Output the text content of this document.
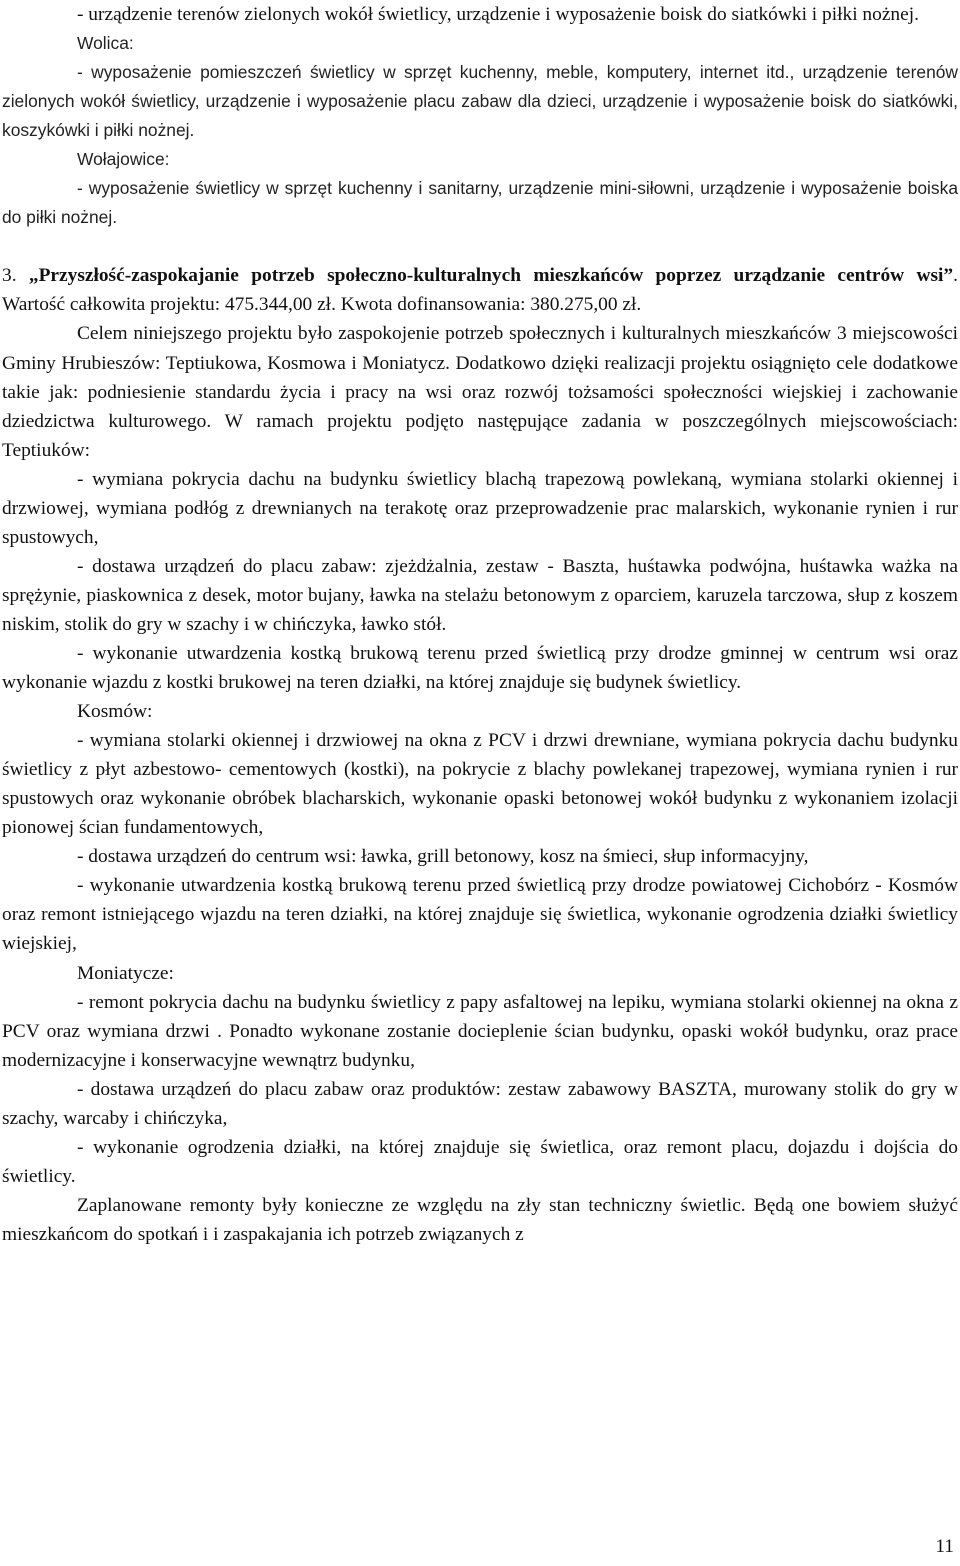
- urządzenie terenów zielonych wokół świetlicy, urządzenie i wyposażenie boisk do siatkówki i piłki nożnej.

Wolica:

- wyposażenie pomieszczeń świetlicy w sprzęt kuchenny, meble, komputery, internet itd., urządzenie terenów zielonych wokół świetlicy, urządzenie i wyposażenie placu zabaw dla dzieci, urządzenie i wyposażenie boisk do siatkówki, koszykówki i piłki nożnej.

Wołajowice:

- wyposażenie świetlicy w sprzęt kuchenny i sanitarny, urządzenie mini-siłowni, urządzenie i wyposażenie boiska do piłki nożnej.

3. „Przyszłość-zaspokajanie potrzeb społeczno-kulturalnych mieszkańców poprzez urządzanie centrów wsi”. Wartość całkowita projektu: 475.344,00 zł. Kwota dofinansowania: 380.275,00 zł.

Celem niniejszego projektu było zaspokojenie potrzeb społecznych i kulturalnych mieszkańców 3 miejscowości Gminy Hrubieszów: Teptiukowa, Kosmowa i Moniatycz. Dodatkowo dzięki realizacji projektu osiągnięto cele dodatkowe takie jak: podniesienie standardu życia i pracy na wsi oraz rozwój tożsamości społeczności wiejskiej i zachowanie dziedzictwa kulturowego. W ramach projektu podjęto następujące zadania w poszczególnych miejscowościach: Teptiuków:

- wymiana pokrycia dachu na budynku świetlicy blachą trapezową powlekaną, wymiana stolarki okiennej i drzwiowej, wymiana podłóg z drewnianych na terakotę oraz przeprowadzenie prac malarskich, wykonanie rynien i rur spustowych,

- dostawa urządzeń do placu zabaw: zjeżdżalnia, zestaw - Baszta, huśtawka podwójna, huśtawka ważka na sprężynie, piaskownica z desek, motor bujany, ławka na stelażu betonowym z oparciem, karuzela tarczowa, słup z koszem niskim, stolik do gry w szachy i w chińczyka, ławko stół.

- wykonanie utwardzenia kostką brukową terenu przed świetlicą przy drodze gminnej w centrum wsi oraz wykonanie wjazdu z kostki brukowej na teren działki, na której znajduje się budynek świetlicy.

Kosmów:

- wymiana stolarki okiennej i drzwiowej na okna z PCV i drzwi drewniane, wymiana pokrycia dachu budynku świetlicy z płyt azbestowo- cementowych (kostki), na pokrycie z blachy powlekanej trapezowej, wymiana rynien i rur spustowych oraz wykonanie obróbek blacharskich, wykonanie opaski betonowej wokół budynku z wykonaniem izolacji pionowej ścian fundamentowych,

- dostawa urządzeń do centrum wsi: ławka, grill betonowy, kosz na śmieci, słup informacyjny,

- wykonanie utwardzenia kostką brukową terenu przed świetlicą przy drodze powiatowej Cichobórz - Kosmów oraz remont istniejącego wjazdu na teren działki, na której znajduje się świetlica, wykonanie ogrodzenia działki świetlicy wiejskiej,

Moniatycze:

- remont pokrycia dachu na budynku świetlicy z papy asfaltowej na lepiku, wymiana stolarki okiennej na okna z PCV oraz wymiana drzwi . Ponadto wykonane zostanie docieplenie ścian budynku, opaski wokół budynku, oraz prace modernizacyjne i konserwacyjne wewnątrz budynku,

- dostawa urządzeń do placu zabaw oraz produktów: zestaw zabawowy BASZTA, murowany stolik do gry w szachy, warcaby i chińczyka,

- wykonanie ogrodzenia działki, na której znajduje się świetlica, oraz remont placu, dojazdu i dojścia do świetlicy.

Zaplanowane remonty były konieczne ze względu na zły stan techniczny świetlic. Będą one bowiem służyć mieszkańcom do spotkań i i zaspakajania ich potrzeb związanych z

11
